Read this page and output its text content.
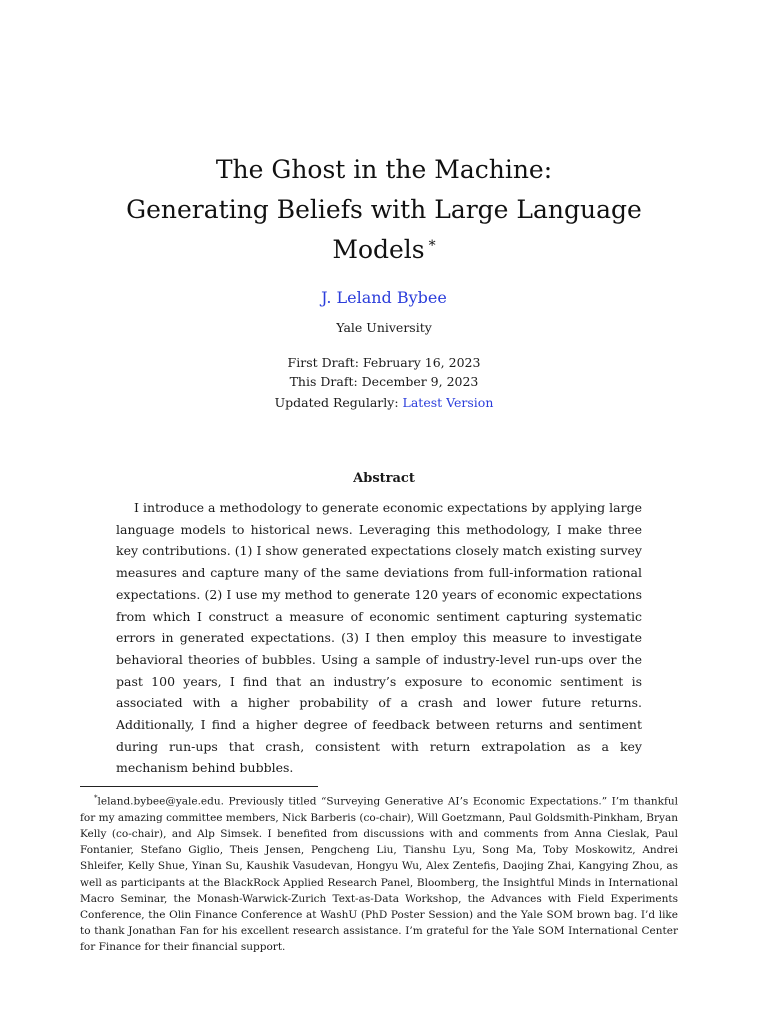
The Ghost in the Machine:
Generating Beliefs with Large Language
Models *
J. Leland Bybee
Yale University
First Draft: February 16, 2023
This Draft: December 9, 2023
Updated Regularly: Latest Version
Abstract
I introduce a methodology to generate economic expectations by applying large language models to historical news. Leveraging this methodology, I make three key contributions. (1) I show generated expectations closely match existing survey measures and capture many of the same deviations from full-information rational expectations. (2) I use my method to generate 120 years of economic expectations from which I construct a measure of economic sentiment capturing systematic errors in generated expectations. (3) I then employ this measure to investigate behavioral theories of bubbles. Using a sample of industry-level run-ups over the past 100 years, I find that an industry’s exposure to economic sentiment is associated with a higher probability of a crash and lower future returns. Additionally, I find a higher degree of feedback between returns and sentiment during run-ups that crash, consistent with return extrapolation as a key mechanism behind bubbles.
*leland.bybee@yale.edu. Previously titled “Surveying Generative AI’s Economic Expectations.” I’m thankful for my amazing committee members, Nick Barberis (co-chair), Will Goetzmann, Paul Goldsmith-Pinkham, Bryan Kelly (co-chair), and Alp Simsek. I benefited from discussions with and comments from Anna Cieslak, Paul Fontanier, Stefano Giglio, Theis Jensen, Pengcheng Liu, Tianshu Lyu, Song Ma, Toby Moskowitz, Andrei Shleifer, Kelly Shue, Yinan Su, Kaushik Vasudevan, Hongyu Wu, Alex Zentefis, Daojing Zhai, Kangying Zhou, as well as participants at the BlackRock Applied Research Panel, Bloomberg, the Insightful Minds in International Macro Seminar, the Monash-Warwick-Zurich Text-as-Data Workshop, the Advances with Field Experiments Conference, the Olin Finance Conference at WashU (PhD Poster Session) and the Yale SOM brown bag. I’d like to thank Jonathan Fan for his excellent research assistance. I’m grateful for the Yale SOM International Center for Finance for their financial support.
